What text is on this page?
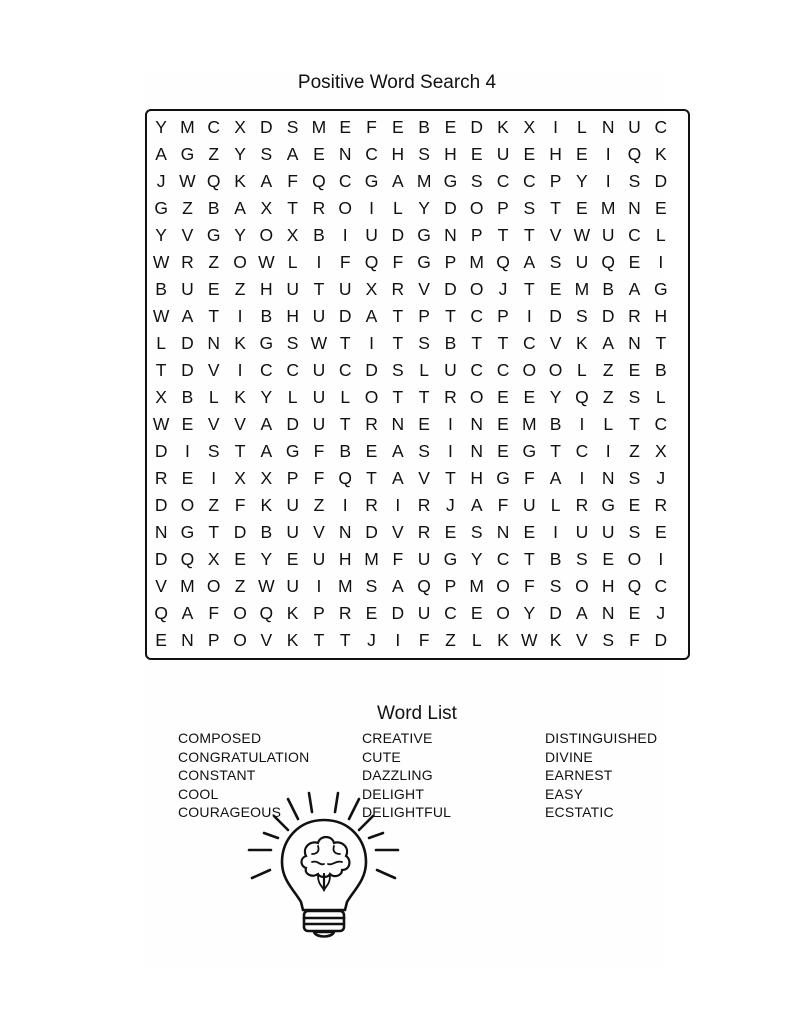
Positive Word Search 4
Y M C X D S M E F E B E D K X	I	L N U C
A G Z Y S A E N C H S H E U E H E	I Q K
J W Q K A F Q C G A M G S C C P Y	I	S D
G Z B A X T R O I	L Y D O P S T E M N E
Y V G Y O X B	I	U D G N P T T V W U C L
W R Z O W L	I	F Q F G P M Q A S U Q E	I
B U E Z H U T U X R V D O J T E M B A G
W A T	I	B H U D A T P T C P	I	D S D R H
L D N K G S W T	I	T S B T T C V K A N T
T D V	I	C C U C D S L U C C O O L Z E B
X B L K Y L U L O T T R O E E Y Q Z S L
W E V V A D U T R N E	I	N E M B	I	L T C
D	I	S T A G F B E A S	I	N E G T C	I	Z X
R E	I	X X P F Q T A V T H G F A	I	N S J
D O Z F K U Z	I	R	I	R J A F U L R G E R
N G T D B U V N D V R E S N E	I	U U S E
D Q X E Y E U H M F U G Y C T B S E O I
V M O Z W U	I M S A Q P M O F S O H Q C
Q A F O Q K P R E D U C E O Y D A N E J
E N P O V K T T J	I	F Z L K W K V S F D
Word List
COMPOSED
CONGRATULATION
CONSTANT
COOL
COURAGEOUS
CREATIVE
CUTE
DAZZLING
DELIGHT
DELIGHTFUL
DISTINGUISHED
DIVINE
EARNEST
EASY
ECSTATIC
